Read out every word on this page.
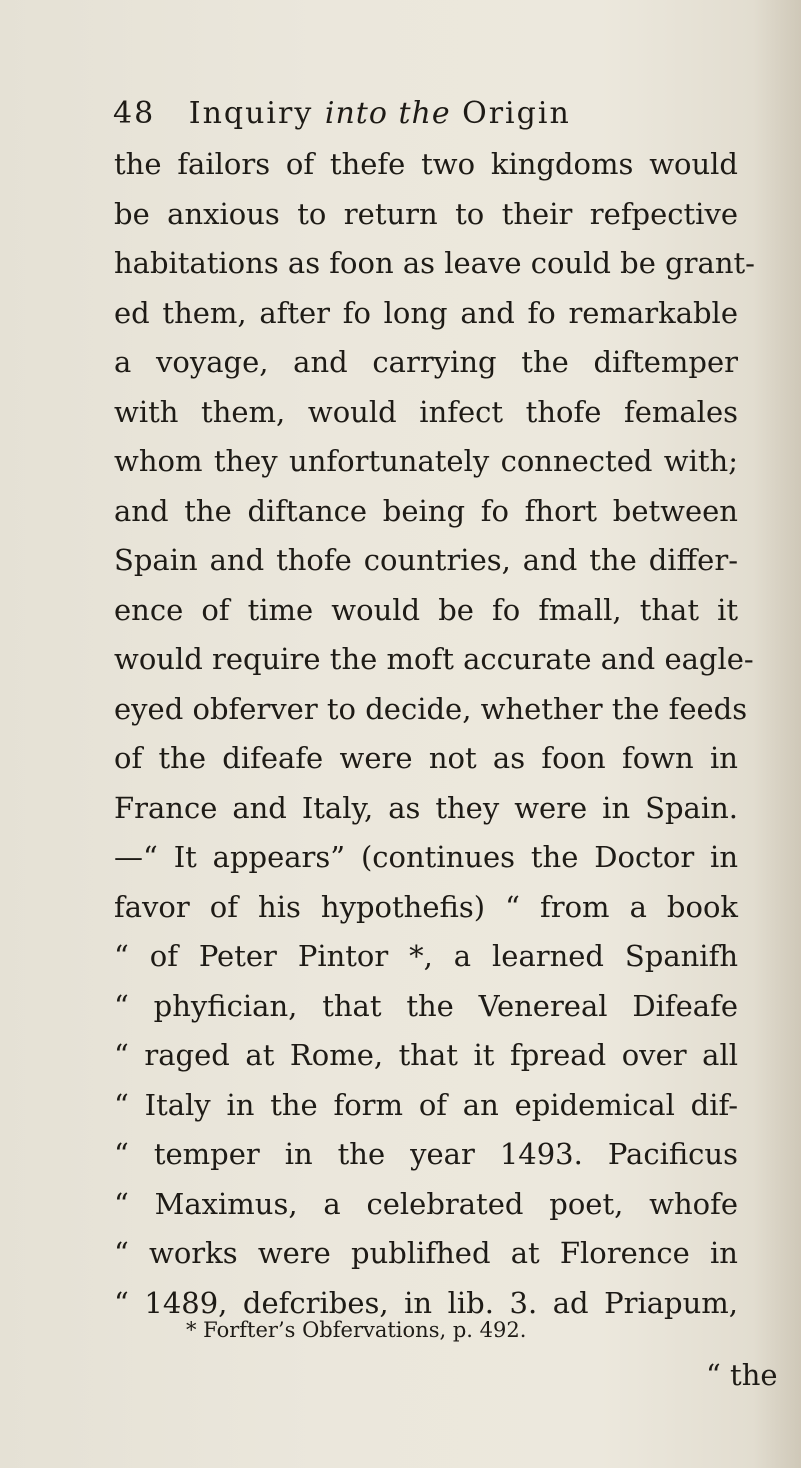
48 Inquiry into the Origin
the failors of thefe two kingdoms would
be anxious to return to their refpective
habitations as foon as leave could be grant-
ed them, after fo long and fo remarkable
a voyage, and carrying the diftemper
with them, would infect thofe females
whom they unfortunately connected with;
and the diftance being fo fhort between
Spain and thofe countries, and the differ-
ence of time would be fo fmall, that it
would require the moft accurate and eagle-
eyed obferver to decide, whether the feeds
of the difeafe were not as foon fown in
France and Italy, as they were in Spain.
—“ It appears” (continues the Doctor in
favor of his hypothefis) “ from a book
“ of Peter Pintor *, a learned Spanifh
“ phyfician, that the Venereal Difeafe
“ raged at Rome, that it fpread over all
“ Italy in the form of an epidemical dif-
“ temper in the year 1493. Pacificus
“ Maximus, a celebrated poet, whofe
“ works were publifhed at Florence in
“ 1489, defcribes, in lib. 3. ad Priapum,
* Forfter’s Obfervations, p. 492.
“ the
